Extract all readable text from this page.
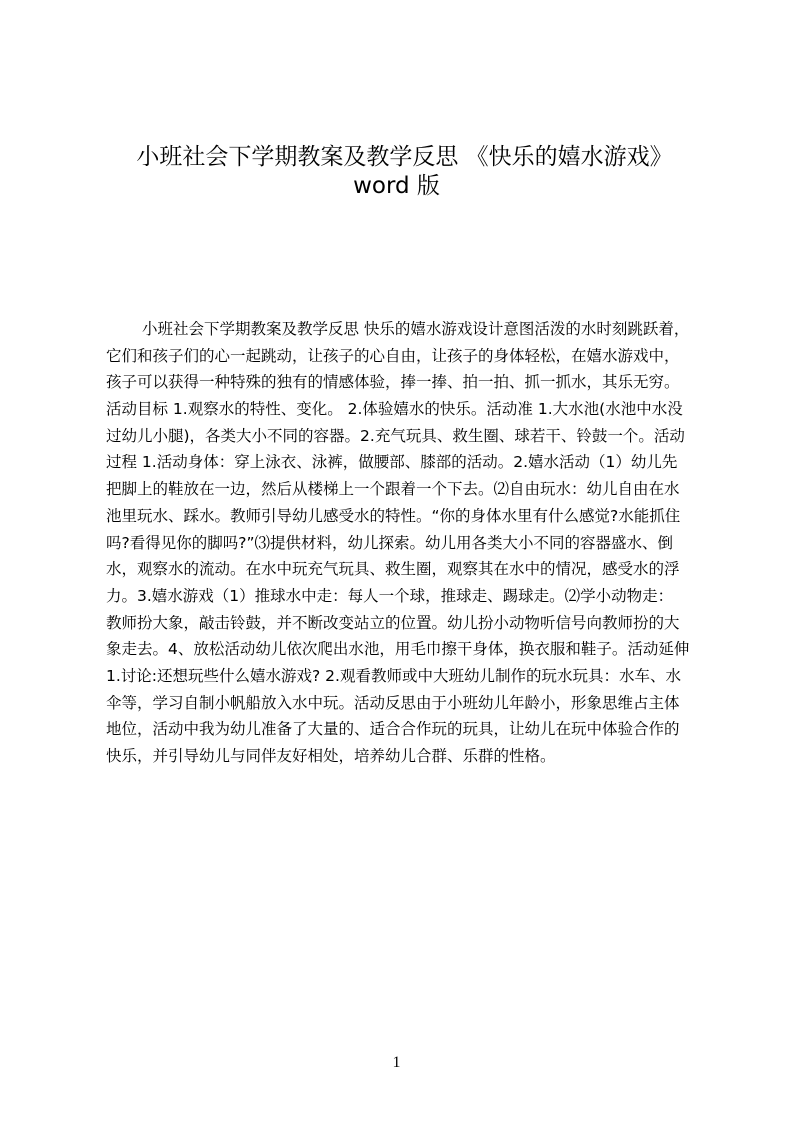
小班社会下学期教案及教学反思 《快乐的嬉水游戏》
word 版
小班社会下学期教案及教学反思 快乐的嬉水游戏设计意图活泼的水时刻跳跃着，
它们和孩子们的心一起跳动，让孩子的心自由，让孩子的身体轻松，在嬉水游戏中，
孩子可以获得一种特殊的独有的情感体验，捧一捧、拍一拍、抓一抓水，其乐无穷。
活动目标 1.观察水的特性、变化。 2.体验嬉水的快乐。活动准 1.大水池(水池中水没
过幼儿小腿)，各类大小不同的容器。2.充气玩具、救生圈、球若干、铃鼓一个。活动
过程 1.活动身体：穿上泳衣、泳裤，做腰部、膝部的活动。2.嬉水活动（1）幼儿先
把脚上的鞋放在一边，然后从楼梯上一个跟着一个下去。⑵自由玩水：幼儿自由在水
池里玩水、踩水。教师引导幼儿感受水的特性。“你的身体水里有什么感觉?水能抓住
吗?看得见你的脚吗?”⑶提供材料，幼儿探索。幼儿用各类大小不同的容器盛水、倒
水，观察水的流动。在水中玩充气玩具、救生圈，观察其在水中的情况，感受水的浮
力。3.嬉水游戏（1）推球水中走：每人一个球，推球走、踢球走。⑵学小动物走：
教师扮大象，敲击铃鼓，并不断改变站立的位置。幼儿扮小动物听信号向教师扮的大
象走去。4、放松活动幼儿依次爬出水池，用毛巾擦干身体，换衣服和鞋子。活动延伸
1.讨论:还想玩些什么嬉水游戏? 2.观看教师或中大班幼儿制作的玩水玩具：水车、水
伞等，学习自制小帆船放入水中玩。活动反思由于小班幼儿年龄小，形象思维占主体
地位，活动中我为幼儿准备了大量的、适合合作玩的玩具，让幼儿在玩中体验合作的
快乐，并引导幼儿与同伴友好相处，培养幼儿合群、乐群的性格。
1
